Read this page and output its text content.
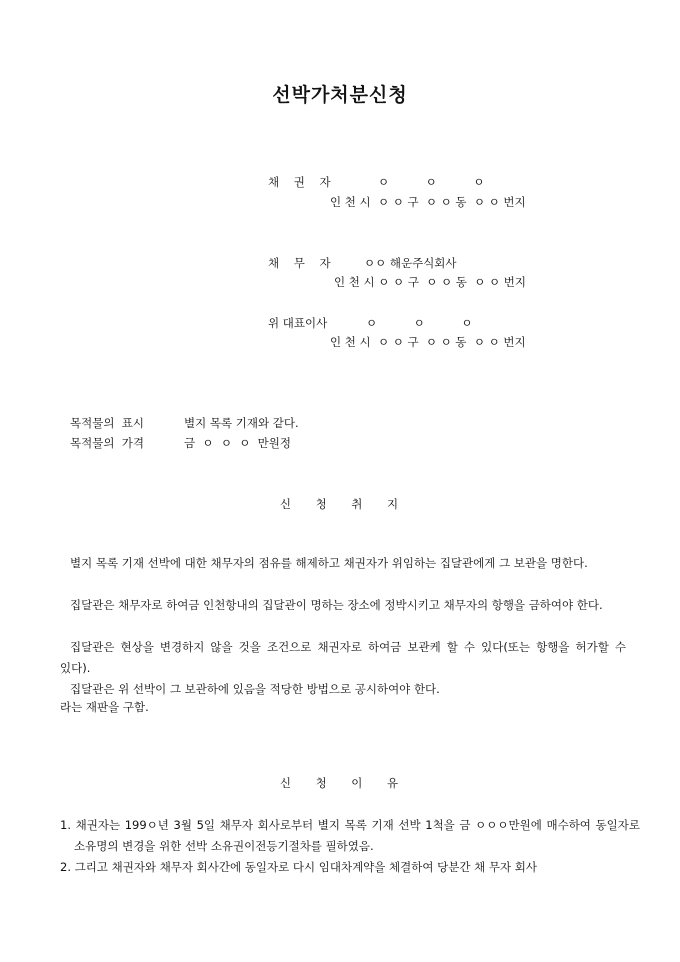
선박가처분신청
채    권    자	ㅇ          ㅇ          ㅇ
인 천 시  ㅇ ㅇ 구  ㅇ ㅇ 동  ㅇ ㅇ 번지
채    무    자	ㅇㅇ 해운주식회사
인 천 시 ㅇ ㅇ 구  ㅇ ㅇ 동  ㅇ ㅇ 번지
위 대표이사	ㅇ          ㅇ          ㅇ
인 천 시  ㅇ ㅇ 구  ㅇ ㅇ 동  ㅇ ㅇ 번지
목적물의  표시	별지 목록 기재와 같다.
목적물의  가격	금  ㅇ  ㅇ  ㅇ  만원정
신    청    취    지
별지 목록 기재 선박에 대한 채무자의 점유를 해제하고 채권자가 위임하는 집달관에게 그 보관을 명한다.
집달관은 채무자로 하여금 인천항내의 집달관이 명하는 장소에 정박시키고 채무자의 항행을 금하여야 한다.
집달관은 현상을 변경하지 않을 것을 조건으로 채권자로 하여금 보관케 할 수 있다(또는 항행을 허가할 수 있다).
집달관은 위 선박이 그 보관하에 있음을 적당한 방법으로 공시하여야 한다.
라는 재판을 구함.
신    청    이    유
1. 채권자는 199ㅇ년 3월 5일 채무자 회사로부터 별지 목록 기재 선박 1척을 금 ㅇㅇㅇ만원에 매수하여 동일자로 소유명의 변경을 위한 선박 소유권이전등기절차를 필하였음.
2. 그리고 채권자와 채무자 회사간에 동일자로 다시 임대차계약을 체결하여 당분간 채 무자 회사
